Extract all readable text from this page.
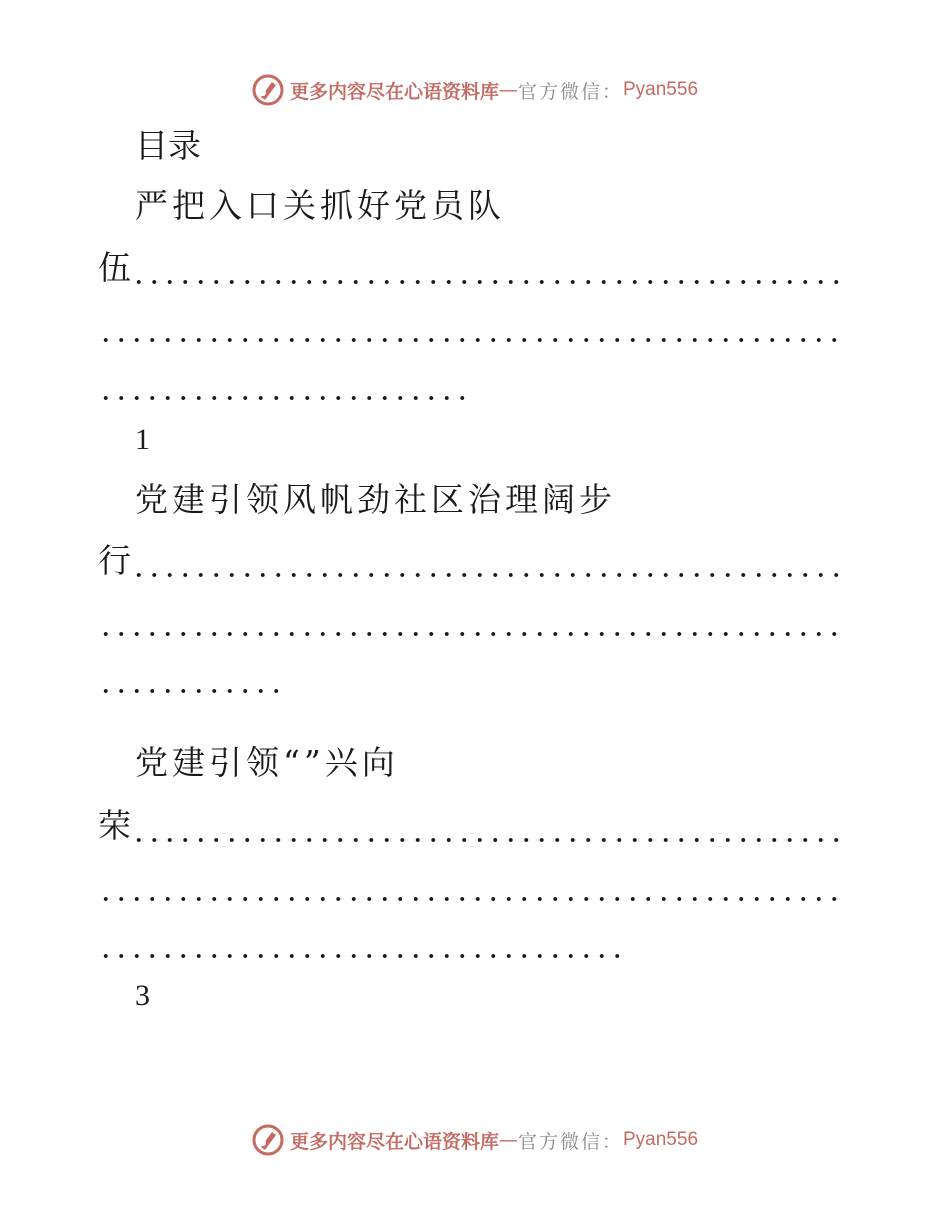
更多内容尽在心语资料库 — 官方微信： Pyan556
目录
严把入口关抓好党员队
伍
1
党建引领风帆劲社区治理阔步
行
党建引领“”兴向
荣
3
更多内容尽在心语资料库 — 官方微信： Pyan556
